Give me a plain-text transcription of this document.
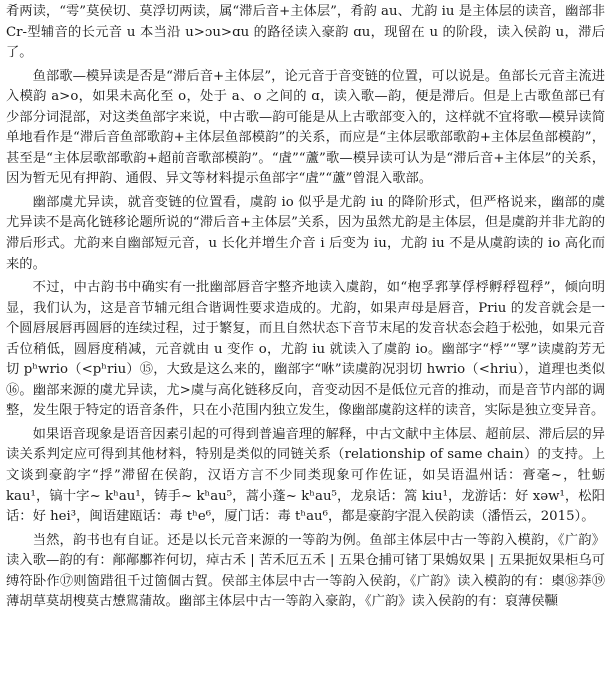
肴两读，“雩”莫侯切、莫浮切两读，属“滞后音+主体层”，肴韵 au、尤韵 iu 是主体层的读音，幽部非 Cr-型辅音的长元音 u 本当沿 u>ɔu>ɑu 的路径读入豪韵 ɑu，现留在 u 的阶段，读入侯韵 u，滞后了。

鱼部歌—模异读是否是“滞后音+主体层”，论元音于音变链的位置，可以说是。鱼部长元音主流进入模韵 a>o，如果未高化至 o，处于 a、o 之间的 ɑ，读入歌—韵，便是滞后。但是上古歌鱼部已有少部分词混部，对这类鱼部字来说，中古歌—韵可能是从上古歌部变入的，这样就不宜将歌—模异读简单地看作是“滞后音鱼部歌韵+主体层鱼部模韵”的关系，而应是“主体层歌部歌韵+主体层鱼部模韵”，甚至是“主体层歌部歌韵+超前音歌部模韵”。“虘”“蘆”歌—模异读可认为是“滞后音+主体层”的关系，因为暂无见有押韵、通假、异文等材料提示鱼部字“虘”“蘆”曾混入歌部。

幽部虞尤异读，就音变链的位置看，虞韵 io 似乎是尤韵 iu 的降阶形式，但严格说来，幽部的虞尤异读不是高化链移论题所说的“滞后音+主体层”关系，因为虽然尤韵是主体层，但是虞韵并非尤韵的滞后形式。尤韵来自幽部短元音，u 长化并增生介音 i 后变为 iu，尤韵 iu 不是从虞韵读的 io 高化而来的。

不过，中古韵书中确实有一批幽部唇音字整齐地读入虞韵，如“枹孚郛莩俘桴孵稃䍖稃”，倾向明显，我们认为，这是音节辅元组合谐调性要求造成的。尤韵，如果声母是唇音，Priu 的发音就会是一个圆唇展唇再圆唇的连续过程，过于繁复，而且自然状态下音节末尾的发音状态会趋于松弛，如果元音舌位稍低，圆唇度稍减，元音就由 u 变作 o，尤韵 iu 就读入了虞韵 io。幽部字“桴”“罦”读虞韵芳无切 pʰwrio（<pʰriu）⑮，大致是这么来的，幽部字“咻”读虞韵况羽切 hwrio（<hriu），道理也类似⑯。幽部来源的虞尤异读，尤>虞与高化链移反向，音变动因不是低位元音的推动，而是音节内部的调整，发生限于特定的语音条件，只在小范围内独立发生，像幽部虞韵这样的读音，实际是独立变异音。

如果语音现象是语音因素引起的可得到普遍音理的解释，中古文献中主体层、超前层、滞后层的异读关系判定应可得到其他材料，特别是类似的同链关系（relationship of same chain）的支持。上文谈到豪韵字“捊”滞留在侯韵，汉语方言不少同类现象可作佐证，如吴语温州话：膏毫~，牡蛎 kau¹，镐十字~ kʰau¹，铸手~ kʰau⁵，蒿小蓬~ kʰau⁵，龙泉话：篙 kiu¹，龙游话：好 xəw¹，松阳话：好 hei³，闽语建瓯话：毒 tʰe⁶，厦门话：毒 tʰau⁶，都是豪韵字混入侯韵读（潘悟云，2015）。

当然，韵书也有自证。还是以长元音来源的一等韵为例。鱼部主体层中古一等韵入模韵，《广韵》读入歌—韵的有：䣊䣊鄽祚何切，𤷘古禾 | 苦禾厄五禾 | 五果仓捕可锗丁果𡡅奴果 | 五果扼奴果柜乌可缚符卧作⑰则箇踖徂千过箇個古賀。侯部主体层中古一等韵入侯韵，《广韵》读入模韵的有：㮚⑱莽⑲薄胡䓍莫胡㮴莫古𢢫𪂟蒲故。幽部主体层中古一等韵入豪韵，《广韵》读入侯韵的有：裒薄侯𩎌
